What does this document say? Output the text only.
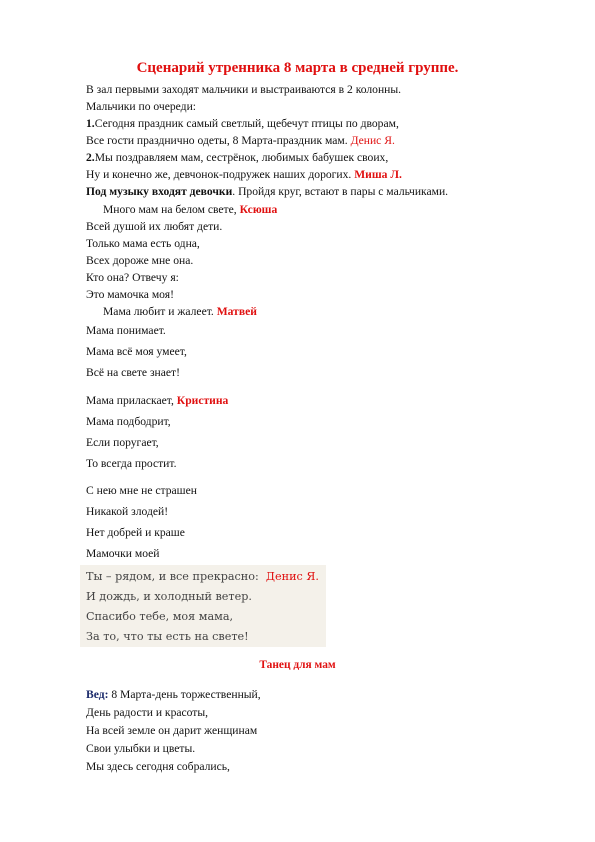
Сценарий утренника 8 марта в средней группе.
В зал первыми заходят мальчики и выстраиваются в 2 колонны.
Мальчики по очереди:
1.Сегодня праздник самый светлый, щебечут птицы по дворам,
Все гости празднично одеты, 8 Марта-праздник мам. Денис Я.
2.Мы поздравляем мам, сестрёнок, любимых бабушек своих,
Ну и конечно же, девчонок-подружек наших дорогих. Миша Л.
Под музыку входят девочки. Пройдя круг, встают в пары с мальчиками.
Много мам на белом свете, Ксюша
Всей душой их любят дети.
Только мама есть одна,
Всех дороже мне она.
Кто она? Отвечу я:
Это мамочка моя!
Мама любит и жалеет. Матвей
Мама понимает.
Мама всё моя умеет,
Всё на свете знает!
Мама приласкает, Кристина
Мама подбодрит,
Если поругает,
То всегда простит.
С нею мне не страшен
Никакой злодей!
Нет добрей и краше
Мамочки моей
Ты – рядом, и все прекрасно: Денис Я.
И дождь, и холодный ветер.
Спасибо тебе, моя мама,
За то, что ты есть на свете!
Танец для мам
Вед: 8 Марта-день торжественный,
День радости и красоты,
На всей земле он дарит женщинам
Свои улыбки и цветы.
Мы здесь сегодня собрались,
